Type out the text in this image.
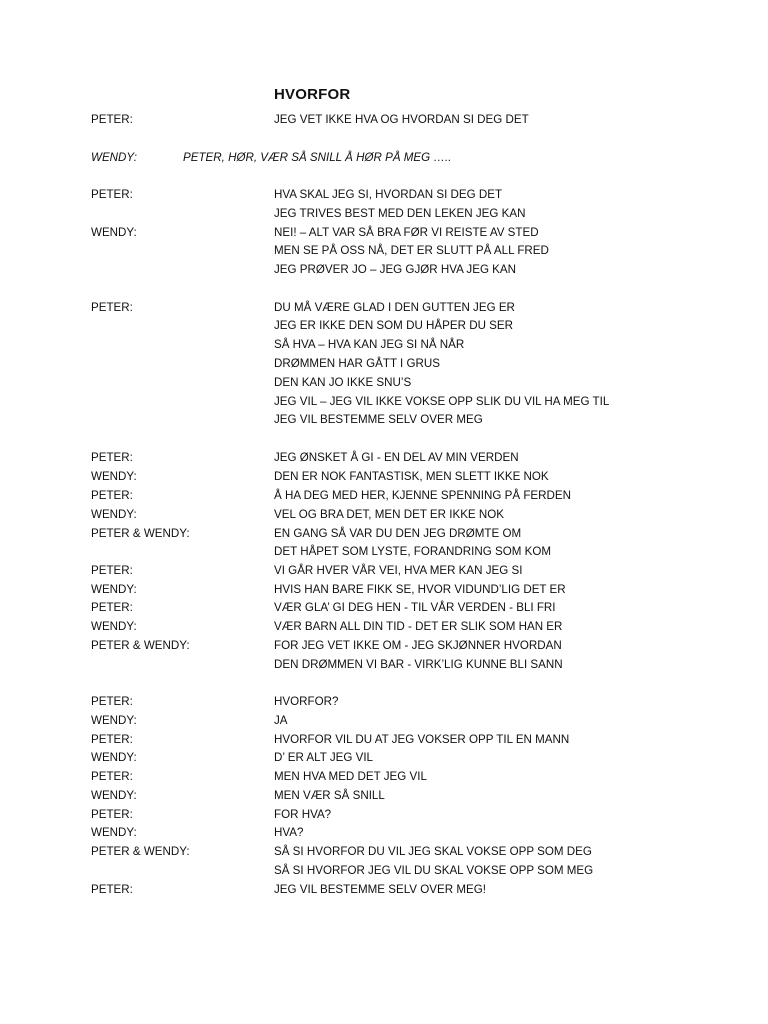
HVORFOR
PETER:	JEG VET IKKE HVA OG HVORDAN SI DEG DET
WENDY:	PETER, HØR, VÆR SÅ SNILL Å HØR PÅ MEG …..
PETER:	HVA SKAL JEG SI, HVORDAN SI DEG DET
JEG TRIVES BEST MED DEN LEKEN JEG KAN
WENDY:	NEI! – ALT VAR SÅ BRA FØR VI REISTE AV STED
MEN SE PÅ OSS NÅ, DET ER SLUTT PÅ ALL FRED
JEG PRØVER JO – JEG GJØR HVA JEG KAN
PETER:	DU MÅ VÆRE GLAD I DEN GUTTEN JEG ER
JEG ER IKKE DEN SOM DU HÅPER DU SER
SÅ HVA – HVA KAN JEG SI NÅ NÅR
DRØMMEN HAR GÅTT I GRUS
DEN KAN JO IKKE SNU’S
JEG VIL – JEG VIL IKKE VOKSE OPP SLIK DU VIL HA MEG TIL
JEG VIL BESTEMME SELV OVER MEG
PETER:	JEG ØNSKET Å GI - EN DEL AV MIN VERDEN
WENDY:	DEN ER NOK FANTASTISK, MEN SLETT IKKE NOK
PETER:	Å HA DEG MED HER, KJENNE SPENNING PÅ FERDEN
WENDY:	VEL OG BRA DET, MEN DET ER IKKE NOK
PETER & WENDY:	EN GANG SÅ VAR DU DEN JEG DRØMTE OM
DET HÅPET SOM LYSTE, FORANDRING SOM KOM
PETER:	VI GÅR HVER VÅR VEI, HVA MER KAN JEG SI
WENDY:	HVIS HAN BARE FIKK SE, HVOR VIDUND’LIG DET ER
PETER:	VÆR GLA’ GI DEG HEN - TIL VÅR VERDEN - BLI FRI
WENDY:	VÆR BARN ALL DIN TID - DET ER SLIK SOM HAN ER
PETER & WENDY:	FOR JEG VET IKKE OM - JEG SKJØNNER HVORDAN
DEN DRØMMEN VI BAR - VIRK’LIG KUNNE BLI SANN
PETER:	HVORFOR?
WENDY:	JA
PETER:	HVORFOR VIL DU AT JEG VOKSER OPP TIL EN MANN
WENDY:	D’ ER ALT JEG VIL
PETER:	MEN HVA MED DET JEG VIL
WENDY:	MEN VÆR SÅ SNILL
PETER:	FOR HVA?
WENDY:	HVA?
PETER & WENDY:	SÅ SI HVORFOR DU VIL JEG SKAL VOKSE OPP SOM DEG
SÅ SI HVORFOR JEG VIL DU SKAL VOKSE OPP SOM MEG
PETER:	JEG VIL BESTEMME SELV OVER MEG!
